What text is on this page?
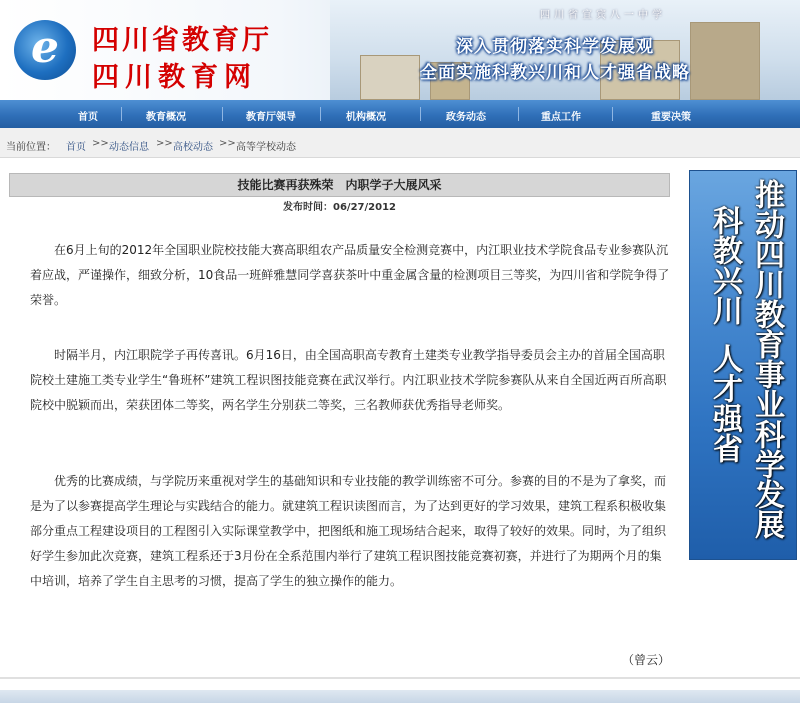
四川省宜宾八一中学
e	四川省教育厅
四川教育网
深入贯彻落实科学发展观
全面实施科教兴川和人才强省战略
首页	教育概况	教育厅领导	机构概况	政务动态	重点工作	重要决策
当前位置： 首页 >> 动态信息 >> 高校动态 >> 高等学校动态
技能比赛再获殊荣　内职学子大展风采
发布时间：06/27/2012
　　在6月上旬的2012年全国职业院校技能大赛高职组农产品质量安全检测竞赛中，内江职业技术学院食品专业参赛队沉着应战，严谨操作，细致分析，10食品一班鲜雅慧同学喜获茶叶中重金属含量的检测项目三等奖，为四川省和学院争得了荣誉。
　　时隔半月，内江职院学子再传喜讯。6月16日，由全国高职高专教育土建类专业教学指导委员会主办的首届全国高职院校土建施工类专业学生“鲁班杯”建筑工程识图技能竞赛在武汉举行。内江职业技术学院参赛队从来自全国近两百所高职院校中脱颖而出，荣获团体二等奖，两名学生分别获二等奖，三名教师获优秀指导老师奖。
　　优秀的比赛成绩，与学院历来重视对学生的基础知识和专业技能的教学训练密不可分。参赛的目的不是为了拿奖，而是为了以参赛提高学生理论与实践结合的能力。就建筑工程识读图而言，为了达到更好的学习效果，建筑工程系积极收集部分重点工程建设项目的工程图引入实际课堂教学中，把图纸和施工现场结合起来，取得了较好的效果。同时，为了组织好学生参加此次竞赛，建筑工程系还于3月份在全系范围内举行了建筑工程识图技能竞赛初赛，并进行了为期两个月的集中培训，培养了学生自主思考的习惯，提高了学生的独立操作的能力。
（曾云）
推动四川教育事业科学发展
科教兴川人才强省
